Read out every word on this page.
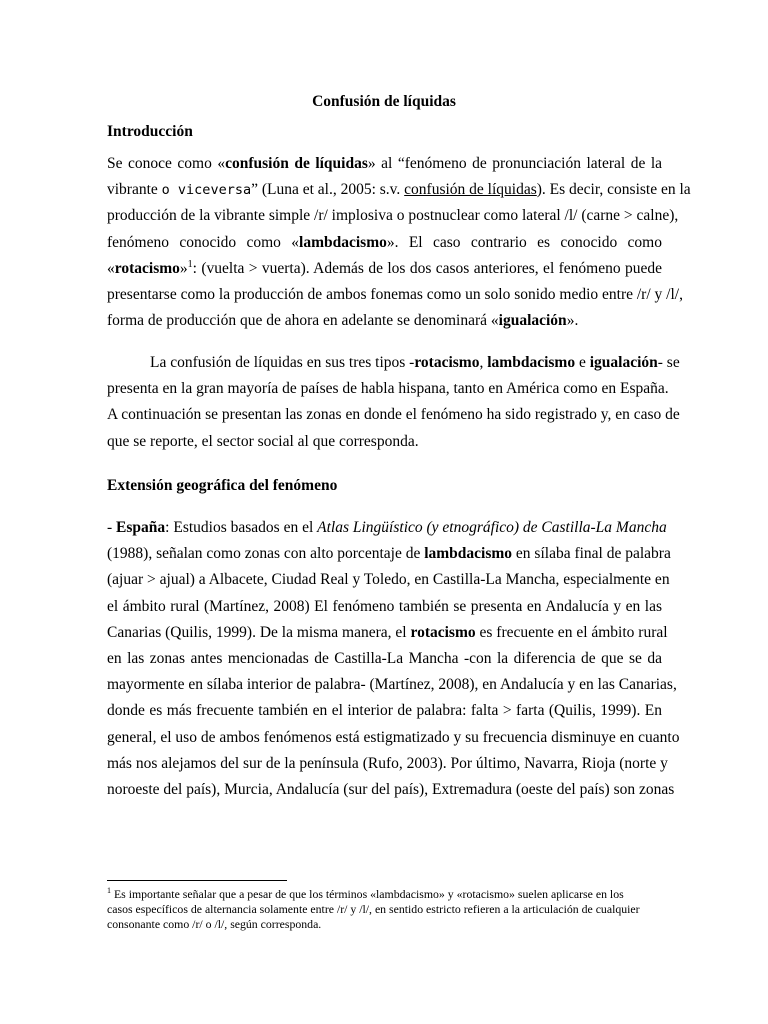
Confusión de líquidas
Introducción
Se conoce como «confusión de líquidas» al “fenómeno de pronunciación lateral de la
vibrante o viceversa” (Luna et al., 2005: s.v. confusión de líquidas). Es decir, consiste en la
producción de la vibrante simple /r/ implosiva o postnuclear como lateral /l/ (carne > calne),
fenómeno conocido como «lambdacismo». El caso contrario es conocido como
«rotacismo»$^1$: (vuelta > vuerta). Además de los dos casos anteriores, el fenómeno puede
presentarse como la producción de ambos fonemas como un solo sonido medio entre /r/ y /l/,
forma de producción que de ahora en adelante se denominará «igualación».
La confusión de líquidas en sus tres tipos -rotacismo, lambdacismo e igualación- se
presenta en la gran mayoría de países de habla hispana, tanto en América como en España.
A continuación se presentan las zonas en donde el fenómeno ha sido registrado y, en caso de
que se reporte, el sector social al que corresponda.
Extensión geográfica del fenómeno
- España: Estudios basados en el Atlas Lingüístico (y etnográfico) de Castilla-La Mancha
(1988), señalan como zonas con alto porcentaje de lambdacismo en sílaba final de palabra
(ajuar > ajual) a Albacete, Ciudad Real y Toledo, en Castilla-La Mancha, especialmente en
el ámbito rural (Martínez, 2008) El fenómeno también se presenta en Andalucía y en las
Canarias (Quilis, 1999). De la misma manera, el rotacismo es frecuente en el ámbito rural
en las zonas antes mencionadas de Castilla-La Mancha -con la diferencia de que se da
mayormente en sílaba interior de palabra- (Martínez, 2008), en Andalucía y en las Canarias,
donde es más frecuente también en el interior de palabra: falta > farta (Quilis, 1999). En
general, el uso de ambos fenómenos está estigmatizado y su frecuencia disminuye en cuanto
más nos alejamos del sur de la península (Rufo, 2003). Por último, Navarra, Rioja (norte y
noroeste del país), Murcia, Andalucía (sur del país), Extremadura (oeste del país) son zonas
$^1$ Es importante señalar que a pesar de que los términos «lambdacismo» y «rotacismo» suelen aplicarse en los
casos específicos de alternancia solamente entre /r/ y /l/, en sentido estricto refieren a la articulación de cualquier
consonante como /r/ o /l/, según corresponda.
